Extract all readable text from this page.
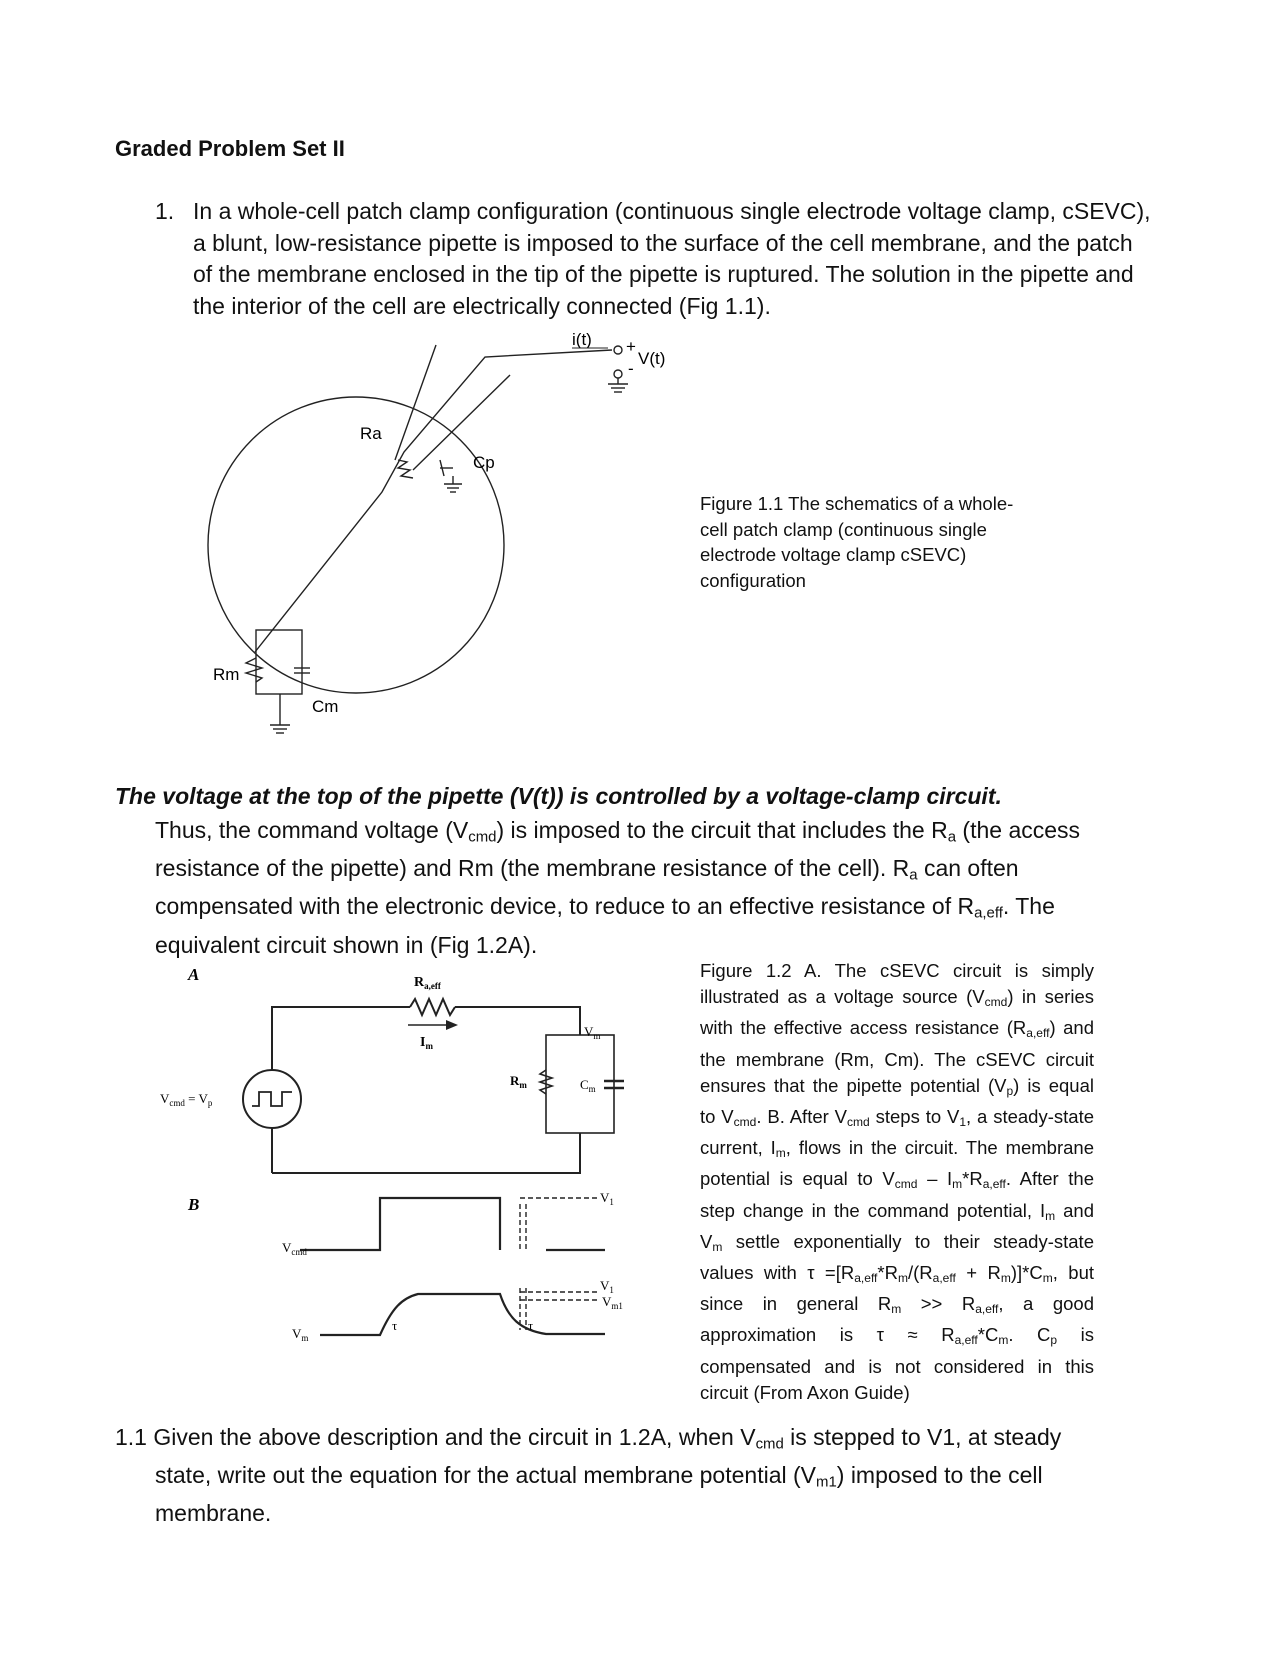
Graded Problem Set II
1. In a whole-cell patch clamp configuration (continuous single electrode voltage clamp, cSEVC), a blunt, low-resistance pipette is imposed to the surface of the cell membrane, and the patch of the membrane enclosed in the tip of the pipette is ruptured. The solution in the pipette and the interior of the cell are electrically connected (Fig 1.1).
i(t) +
-
V(t)
Ra
Cp
Rm
Cm
Figure 1.1 The schematics of a whole-cell patch clamp (continuous single electrode voltage clamp cSEVC) configuration
The voltage at the top of the pipette (V(t)) is controlled by a voltage-clamp circuit.
Thus, the command voltage $(V_{cmd})$ is imposed to the circuit that includes the $R_a$ (the access resistance of the pipette) and Rm (the membrane resistance of the cell). $R_a$ can often compensated with the electronic device, to reduce to an effective resistance of $R_{a,eff}$. The equivalent circuit shown in (Fig 1.2A).
A
B
$V_{cmd} = V_p$
$R_{a,eff}$
$I_m$
$V_m$
$R_m$	$C_m$
$V_{cmd}$
$V_m$
$V_1$
$V_1$
$V_{m1}$
τ	τ
Figure 1.2 A. The cSEVC circuit is simply illustrated as a voltage source $(V_{cmd})$ in series with the effective access resistance $(R_{a,eff})$ and the membrane (Rm, Cm). The cSEVC circuit ensures that the pipette potential $(V_p)$ is equal to $V_{cmd}$. B. After $V_{cmd}$ steps to $V_1$, a steady-state current, $I_m$, flows in the circuit. The membrane potential is equal to $V_{cmd} - I_m*R_{a,eff}$. After the step change in the command potential, $I_m$ and $V_m$ settle exponentially to their steady-state values with $\tau =[R_{a,eff}*R_m/(R_{a,eff} + R_m)]*C_m$, but since in general $R_m >> R_{a,eff}$, a good approximation is $\tau \approx R_{a,eff}*C_m$. $C_p$ is compensated and is not considered in this circuit (From Axon Guide)
1.1 Given the above description and the circuit in 1.2A, when $V_{cmd}$ is stepped to V1, at steady
state, write out the equation for the actual membrane potential $(V_{m1})$ imposed to the cell membrane.
